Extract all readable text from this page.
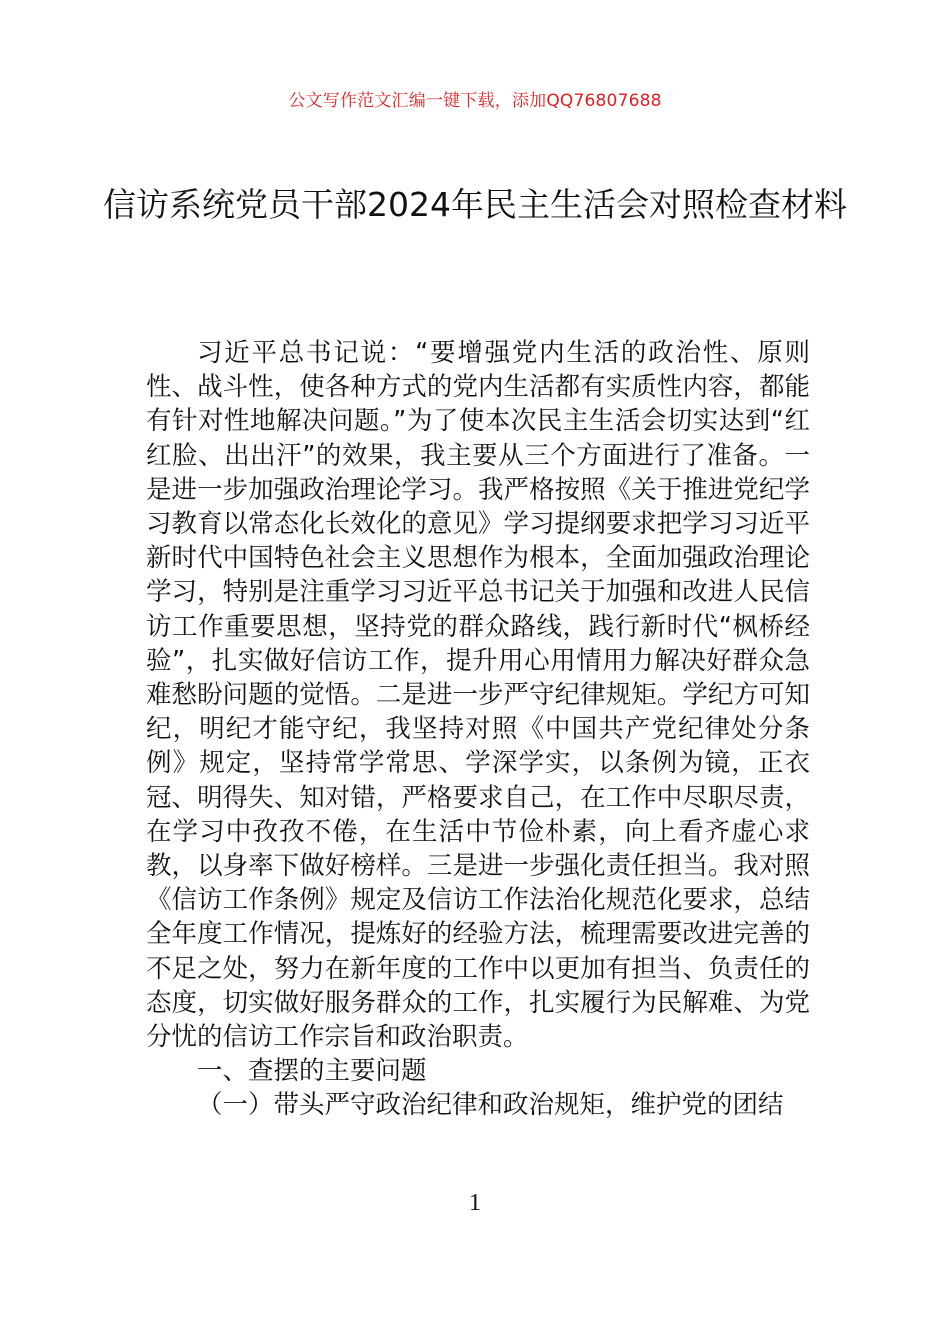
公文写作范文汇编一键下载，添加QQ76807688
信访系统党员干部2024年民主生活会对照检查材料

习近平总书记说：“要增强党内生活的政治性、原则性、战斗性，使各种方式的党内生活都有实质性内容，都能有针对性地解决问题。”为了使本次民主生活会切实达到“红红脸、出出汗”的效果，我主要从三个方面进行了准备。一是进一步加强政治理论学习。我严格按照《关于推进党纪学习教育以常态化长效化的意见》学习提纲要求把学习习近平新时代中国特色社会主义思想作为根本，全面加强政治理论学习，特别是注重学习习近平总书记关于加强和改进人民信访工作重要思想，坚持党的群众路线，践行新时代“枫桥经验”，扎实做好信访工作，提升用心用情用力解决好群众急难愁盼问题的觉悟。二是进一步严守纪律规矩。学纪方可知纪，明纪才能守纪，我坚持对照《中国共产党纪律处分条例》规定，坚持常学常思、学深学实，以条例为镜，正衣冠、明得失、知对错，严格要求自己，在工作中尽职尽责，在学习中孜孜不倦，在生活中节俭朴素，向上看齐虚心求教，以身率下做好榜样。三是进一步强化责任担当。我对照《信访工作条例》规定及信访工作法治化规范化要求，总结全年度工作情况，提炼好的经验方法，梳理需要改进完善的不足之处，努力在新年度的工作中以更加有担当、负责任的态度，切实做好服务群众的工作，扎实履行为民解难、为党分忧的信访工作宗旨和政治职责。

一、查摆的主要问题

（一）带头严守政治纪律和政治规矩，维护党的团结

1
